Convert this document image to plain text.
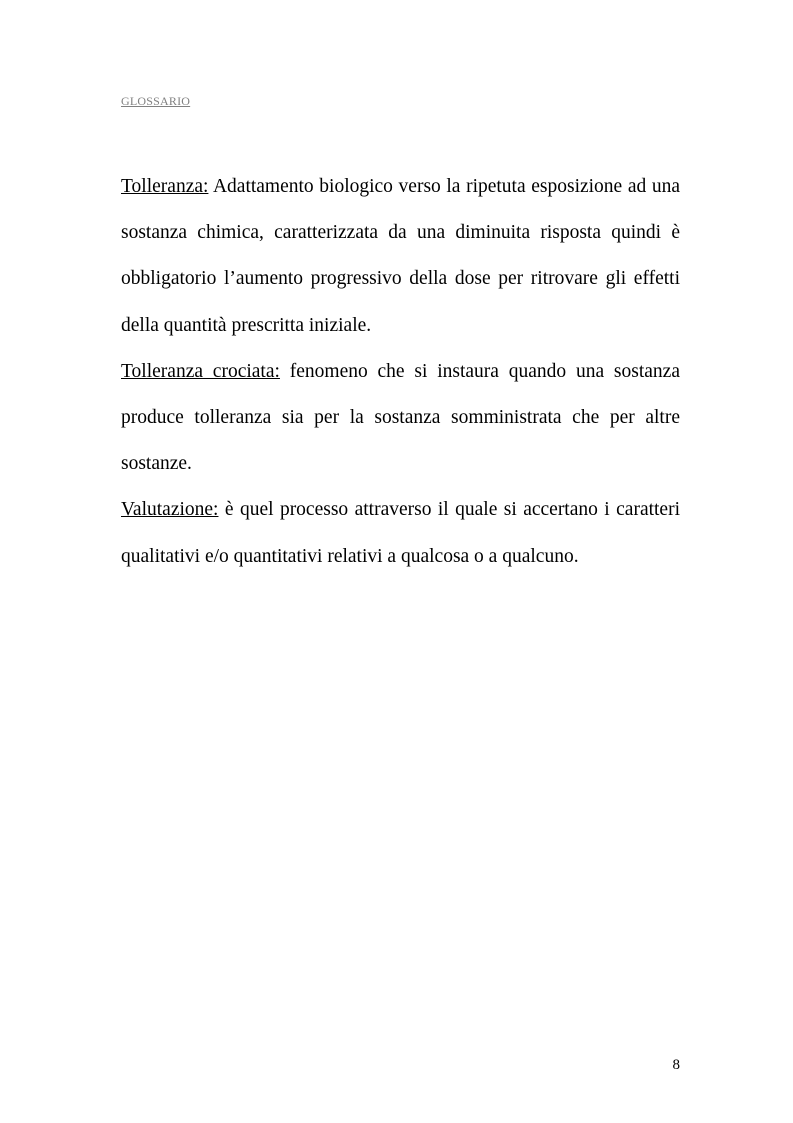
GLOSSARIO

Tolleranza: Adattamento biologico verso la ripetuta esposizione ad una sostanza chimica, caratterizzata da una diminuita risposta quindi è obbligatorio l’aumento progressivo della dose per ritrovare gli effetti della quantità prescritta iniziale.

Tolleranza crociata: fenomeno che si instaura quando una sostanza produce tolleranza sia per la sostanza somministrata che per altre sostanze.

Valutazione: è quel processo attraverso il quale si accertano i caratteri qualitativi e/o quantitativi relativi a qualcosa o a qualcuno.

8
